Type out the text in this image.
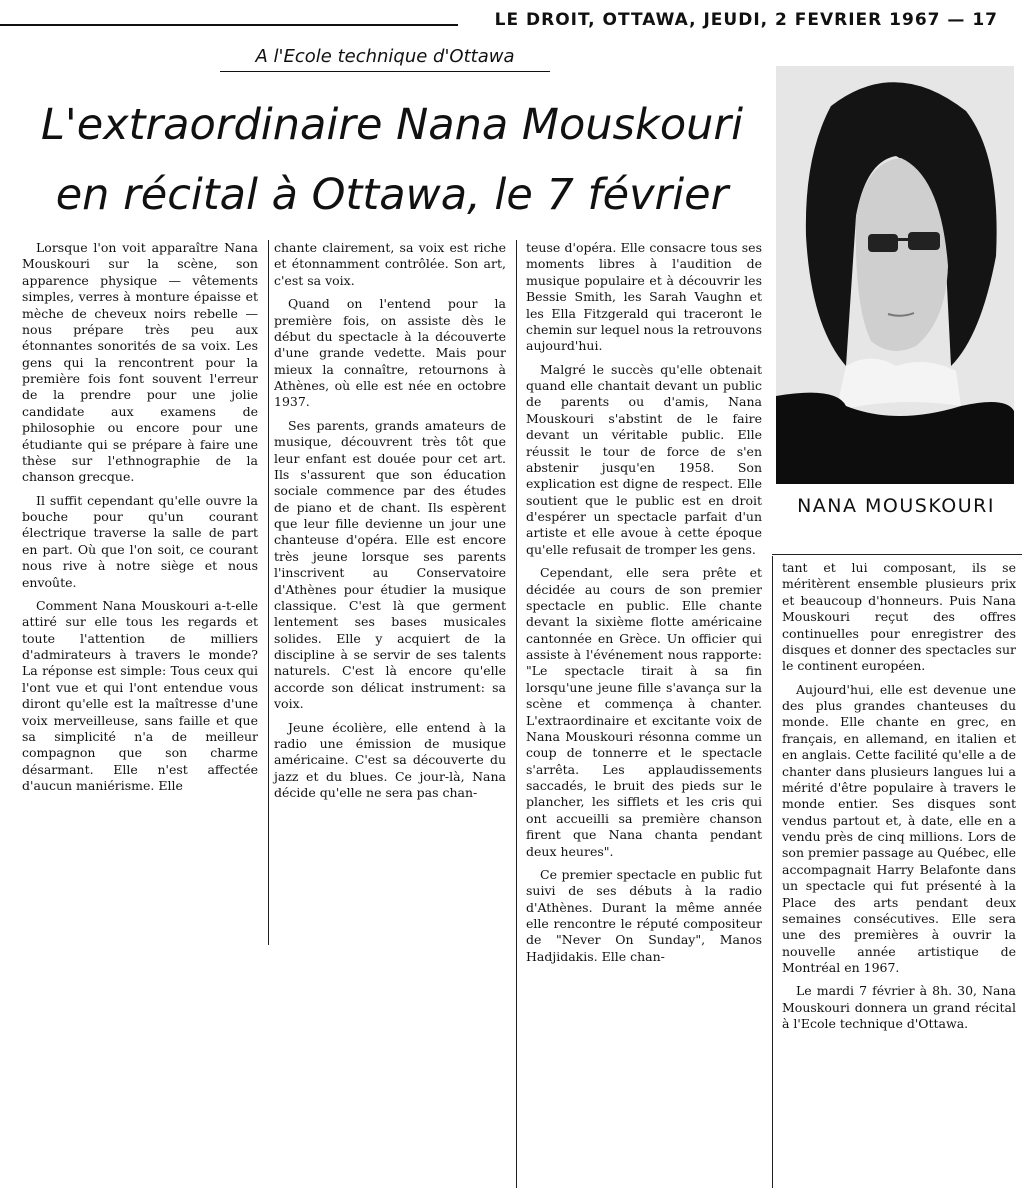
LE DROIT, OTTAWA, JEUDI, 2 FEVRIER 1967 — 17
A l'Ecole technique d'Ottawa
L'extraordinaire Nana Mouskouri
en récital à Ottawa, le 7 février
NANA MOUSKOURI

Lorsque l'on voit apparaître Nana Mouskouri sur la scène, son apparence physique — vêtements simples, verres à monture épaisse et mèche de cheveux noirs rebelle — nous prépare très peu aux étonnantes sonorités de sa voix. Les gens qui la rencontrent pour la première fois font souvent l'erreur de la prendre pour une jolie candidate aux examens de philosophie ou encore pour une étudiante qui se prépare à faire une thèse sur l'ethnographie de la chanson grecque.

Il suffit cependant qu'elle ouvre la bouche pour qu'un courant électrique traverse la salle de part en part. Où que l'on soit, ce courant nous rive à notre siège et nous envoûte.

Comment Nana Mouskouri a-t-elle attiré sur elle tous les regards et toute l'attention de milliers d'admirateurs à travers le monde? La réponse est simple: Tous ceux qui l'ont vue et qui l'ont entendue vous diront qu'elle est la maîtresse d'une voix merveilleuse, sans faille et que sa simplicité n'a de meilleur compagnon que son charme désarmant. Elle n'est affectée d'aucun maniérisme. Elle

chante clairement, sa voix est riche et étonnamment contrôlée. Son art, c'est sa voix.

Quand on l'entend pour la première fois, on assiste dès le début du spectacle à la découverte d'une grande vedette. Mais pour mieux la connaître, retournons à Athènes, où elle est née en octobre 1937.

Ses parents, grands amateurs de musique, découvrent très tôt que leur enfant est douée pour cet art. Ils s'assurent que son éducation sociale commence par des études de piano et de chant. Ils espèrent que leur fille devienne un jour une chanteuse d'opéra. Elle est encore très jeune lorsque ses parents l'inscrivent au Conservatoire d'Athènes pour étudier la musique classique. C'est là que germent lentement ses bases musicales solides. Elle y acquiert de la discipline à se servir de ses talents naturels. C'est là encore qu'elle accorde son délicat instrument: sa voix.

Jeune écolière, elle entend à la radio une émission de musique américaine. C'est sa découverte du jazz et du blues. Ce jour-là, Nana décide qu'elle ne sera pas chan-

teuse d'opéra. Elle consacre tous ses moments libres à l'audition de musique populaire et à découvrir les Bessie Smith, les Sarah Vaughn et les Ella Fitzgerald qui traceront le chemin sur lequel nous la retrouvons aujourd'hui.

Malgré le succès qu'elle obtenait quand elle chantait devant un public de parents ou d'amis, Nana Mouskouri s'abstint de le faire devant un véritable public. Elle réussit le tour de force de s'en abstenir jusqu'en 1958. Son explication est digne de respect. Elle soutient que le public est en droit d'espérer un spectacle parfait d'un artiste et elle avoue à cette époque qu'elle refusait de tromper les gens.

Cependant, elle sera prête et décidée au cours de son premier spectacle en public. Elle chante devant la sixième flotte américaine cantonnée en Grèce. Un officier qui assiste à l'événement nous rapporte: "Le spectacle tirait à sa fin lorsqu'une jeune fille s'avança sur la scène et commença à chanter. L'extraordinaire et excitante voix de Nana Mouskouri résonna comme un coup de tonnerre et le spectacle s'arrêta. Les applaudissements saccadés, le bruit des pieds sur le plancher, les sifflets et les cris qui ont accueilli sa première chanson firent que Nana chanta pendant deux heures".

Ce premier spectacle en public fut suivi de ses débuts à la radio d'Athènes. Durant la même année elle rencontre le réputé compositeur de "Never On Sunday", Manos Hadjidakis. Elle chan-

tant et lui composant, ils se méritèrent ensemble plusieurs prix et beaucoup d'honneurs. Puis Nana Mouskouri reçut des offres continuelles pour enregistrer des disques et donner des spectacles sur le continent européen.

Aujourd'hui, elle est devenue une des plus grandes chanteuses du monde. Elle chante en grec, en français, en allemand, en italien et en anglais. Cette facilité qu'elle a de chanter dans plusieurs langues lui a mérité d'être populaire à travers le monde entier. Ses disques sont vendus partout et, à date, elle en a vendu près de cinq millions. Lors de son premier passage au Québec, elle accompagnait Harry Belafonte dans un spectacle qui fut présenté à la Place des arts pendant deux semaines consécutives. Elle sera une des premières à ouvrir la nouvelle année artistique de Montréal en 1967.

Le mardi 7 février à 8h. 30, Nana Mouskouri donnera un grand récital à l'Ecole technique d'Ottawa.
